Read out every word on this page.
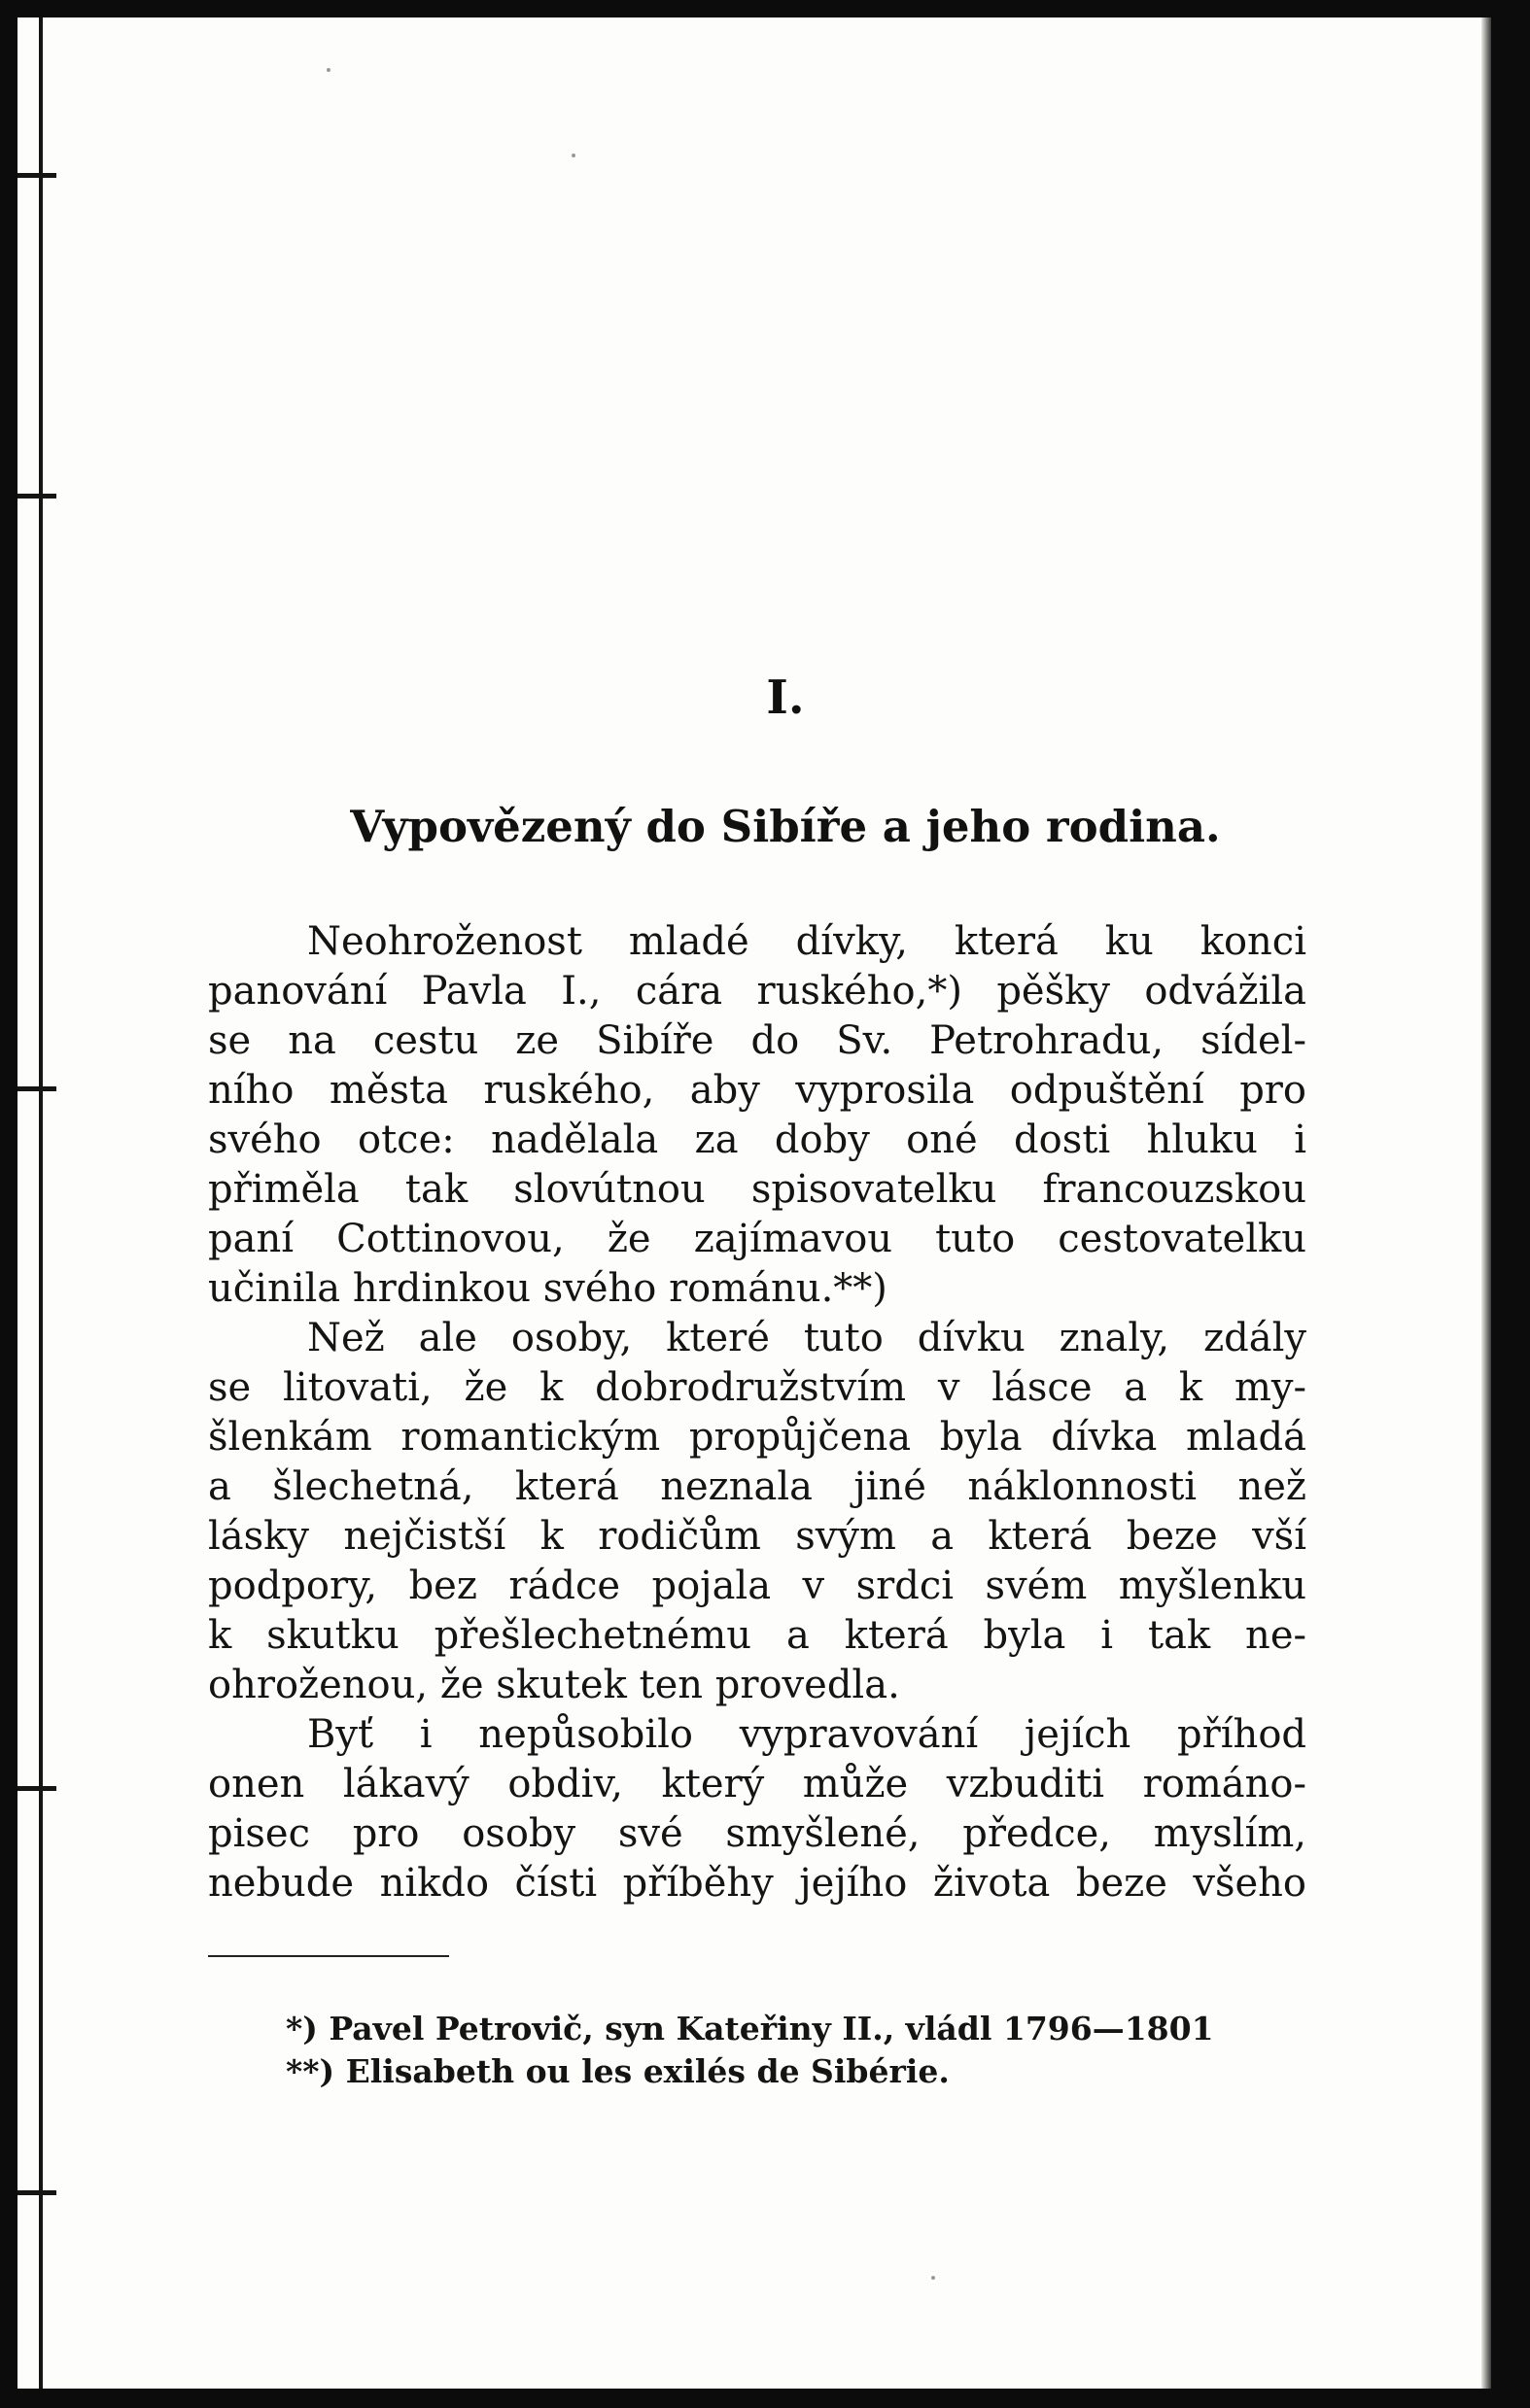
I.
Vypovězený do Sibíře a jeho rodina.
Neohroženost mladé dívky, která ku konci
panování Pavla I., cára ruského,*) pěšky odvážila
se na cestu ze Sibíře do Sv. Petrohradu, sídel-
ního města ruského, aby vyprosila odpuštění pro
svého otce: nadělala za doby oné dosti hluku i
přiměla tak slovútnou spisovatelku francouzskou
paní Cottinovou, že zajímavou tuto cestovatelku
učinila hrdinkou svého románu.**)
Než ale osoby, které tuto dívku znaly, zdály
se litovati, že k dobrodružstvím v lásce a k my-
šlenkám romantickým propůjčena byla dívka mladá
a šlechetná, která neznala jiné náklonnosti než
lásky nejčistší k rodičům svým a která beze vší
podpory, bez rádce pojala v srdci svém myšlenku
k skutku přešlechetnému a která byla i tak ne-
ohroženou, že skutek ten provedla.
Byť i nepůsobilo vypravování jejích příhod
onen lákavý obdiv, který může vzbuditi románo-
pisec pro osoby své smyšlené, předce, myslím,
nebude nikdo čísti příběhy jejího života beze všeho
*) Pavel Petrovič, syn Kateřiny II., vládl 1796—1801
**) Elisabeth ou les exilés de Sibérie.
